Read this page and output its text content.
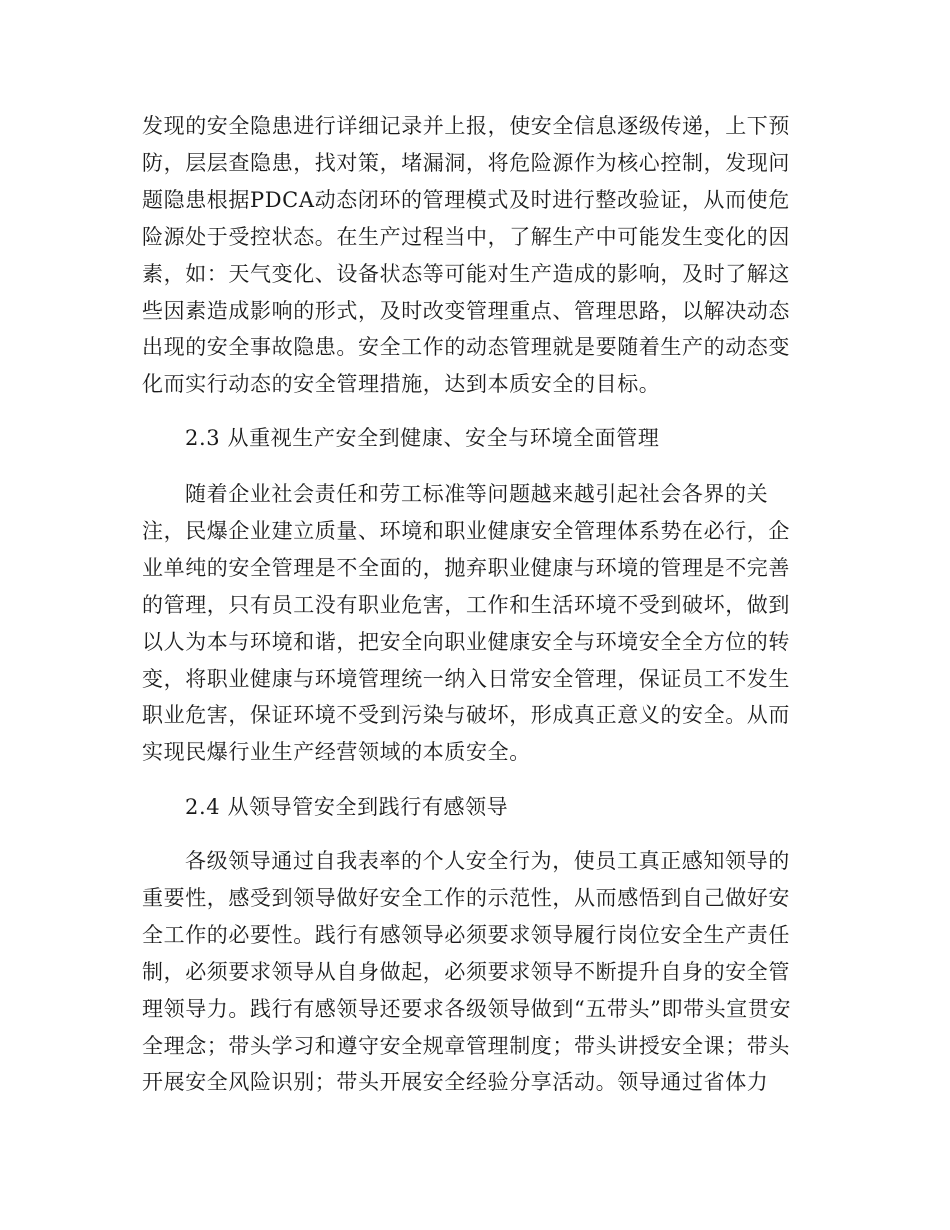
发现的安全隐患进行详细记录并上报，使安全信息逐级传递，上下预防，层层查隐患，找对策，堵漏洞，将危险源作为核心控制，发现问题隐患根据PDCA动态闭环的管理模式及时进行整改验证，从而使危险源处于受控状态。在生产过程当中，了解生产中可能发生变化的因素，如：天气变化、设备状态等可能对生产造成的影响，及时了解这些因素造成影响的形式，及时改变管理重点、管理思路，以解决动态出现的安全事故隐患。安全工作的动态管理就是要随着生产的动态变化而实行动态的安全管理措施，达到本质安全的目标。
2.3 从重视生产安全到健康、安全与环境全面管理
随着企业社会责任和劳工标准等问题越来越引起社会各界的关注，民爆企业建立质量、环境和职业健康安全管理体系势在必行，企业单纯的安全管理是不全面的，抛弃职业健康与环境的管理是不完善的管理，只有员工没有职业危害，工作和生活环境不受到破坏，做到以人为本与环境和谐，把安全向职业健康安全与环境安全全方位的转变，将职业健康与环境管理统一纳入日常安全管理，保证员工不发生职业危害，保证环境不受到污染与破坏，形成真正意义的安全。从而实现民爆行业生产经营领域的本质安全。
2.4 从领导管安全到践行有感领导
各级领导通过自我表率的个人安全行为，使员工真正感知领导的重要性，感受到领导做好安全工作的示范性，从而感悟到自己做好安全工作的必要性。践行有感领导必须要求领导履行岗位安全生产责任制，必须要求领导从自身做起，必须要求领导不断提升自身的安全管理领导力。践行有感领导还要求各级领导做到“五带头”即带头宣贯安全理念；带头学习和遵守安全规章管理制度；带头讲授安全课；带头开展安全风险识别；带头开展安全经验分享活动。领导通过省体力
